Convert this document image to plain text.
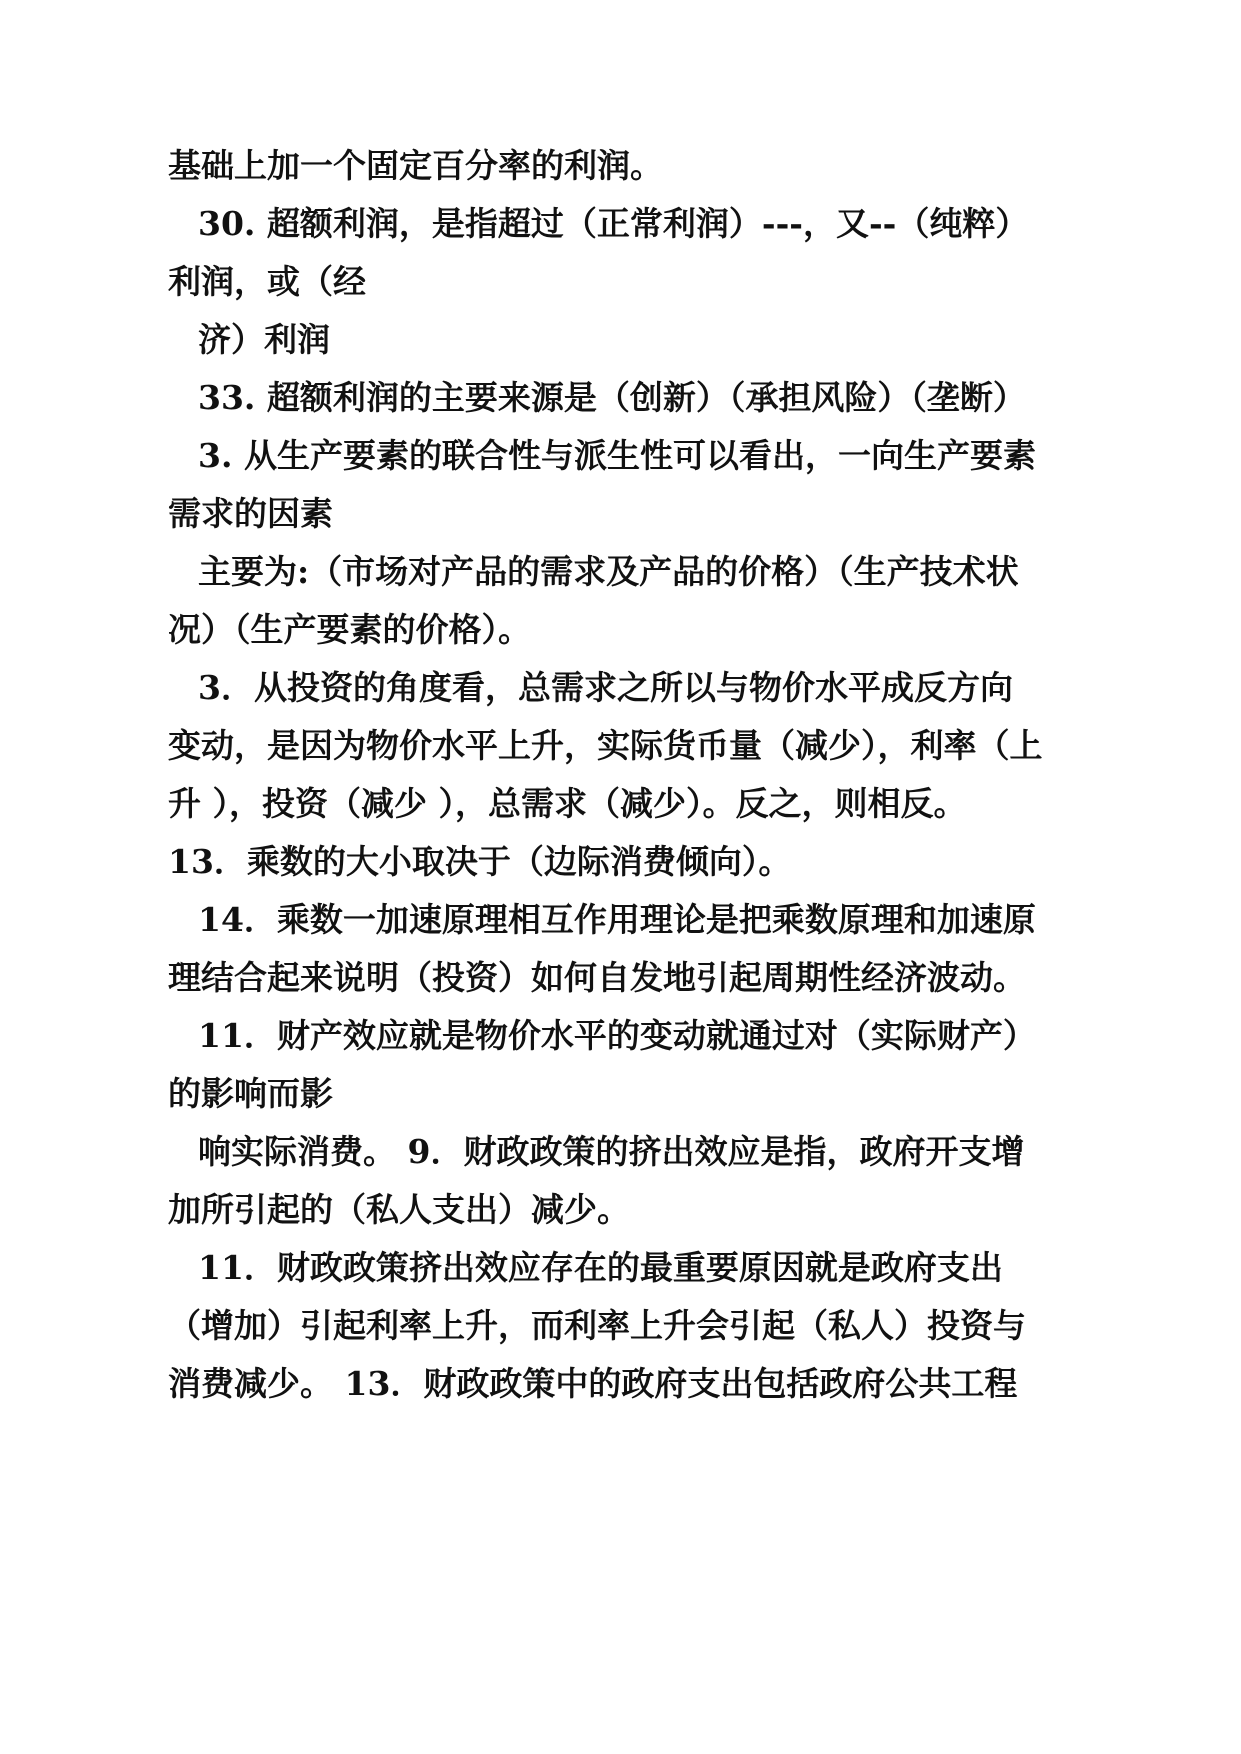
基础上加一个固定百分率的利润。
30. 超额利润，是指超过（正常利润）---，又--（纯粹）
利润，或（经
济）利润
33. 超额利润的主要来源是（创新）（承担风险）（垄断）
3. 从生产要素的联合性与派生性可以看出，一向生产要素
需求的因素
主要为:（市场对产品的需求及产品的价格）（生产技术状
况）（生产要素的价格）。
3．从投资的角度看，总需求之所以与物价水平成反方向
变动，是因为物价水平上升，实际货币量（减少），利率（上
升 ），投资（减少 ），总需求（减少）。反之，则相反。
13．乘数的大小取决于（边际消费倾向）。
14．乘数一加速原理相互作用理论是把乘数原理和加速原
理结合起来说明（投资）如何自发地引起周期性经济波动。
11．财产效应就是物价水平的变动就通过对（实际财产）
的影响而影
响实际消费。 9．财政政策的挤出效应是指，政府开支增
加所引起的（私人支出）减少。
11．财政政策挤出效应存在的最重要原因就是政府支出
（增加）引起利率上升，而利率上升会引起（私人）投资与
消费减少。 13．财政政策中的政府支出包括政府公共工程
